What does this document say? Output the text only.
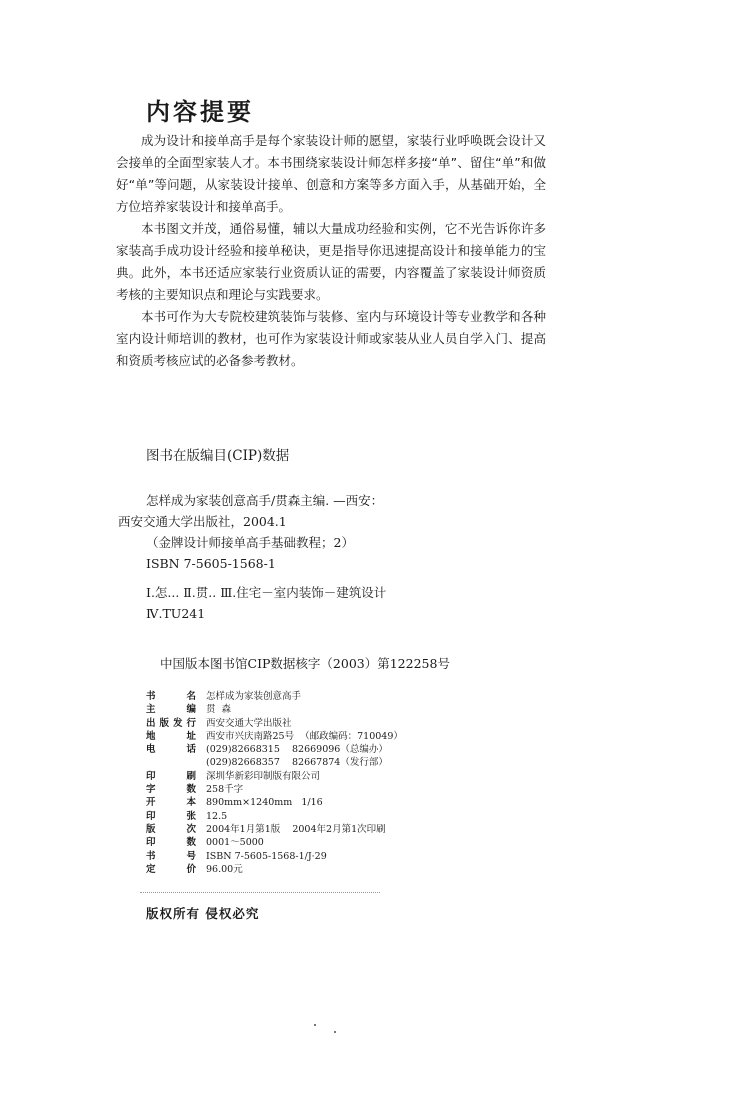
内容提要

成为设计和接单高手是每个家装设计师的愿望，家装行业呼唤既会设计又会接单的全面型家装人才。本书围绕家装设计师怎样多接“单”、留住“单”和做好“单”等问题，从家装设计接单、创意和方案等多方面入手，从基础开始，全方位培养家装设计和接单高手。

本书图文并茂，通俗易懂，辅以大量成功经验和实例，它不光告诉你许多家装高手成功设计经验和接单秘诀，更是指导你迅速提高设计和接单能力的宝典。此外，本书还适应家装行业资质认证的需要，内容覆盖了家装设计师资质考核的主要知识点和理论与实践要求。

本书可作为大专院校建筑装饰与装修、室内与环境设计等专业教学和各种室内设计师培训的教材，也可作为家装设计师或家装从业人员自学入门、提高和资质考核应试的必备参考教材。

图书在版编目(CIP)数据
怎样成为家装创意高手/贯森主编. —西安：
西安交通大学出版社，2004.1
（金牌设计师接单高手基础教程；2）
ISBN 7-5605-1568-1
Ⅰ.怎... Ⅱ.贯.. Ⅲ.住宅－室内装饰－建筑设计
Ⅳ.TU241
中国版本图书馆CIP数据核字（2003）第122258号
书名 怎样成为家装创意高手
主编 贯  森
出版发行 西安交通大学出版社
地址 西安市兴庆南路25号  （邮政编码：710049）
电话 (029)82668315    82669096（总编办）
(029)82668357    82667874（发行部）
印刷 深圳华新彩印制版有限公司
字数 258千字
开本 890mm×1240mm   1/16
印张 12.5
版次 2004年1月第1版    2004年2月第1次印刷
印数 0001～5000
书号 ISBN 7-5605-1568-1/J·29
定价 96.00元
版权所有 侵权必究
